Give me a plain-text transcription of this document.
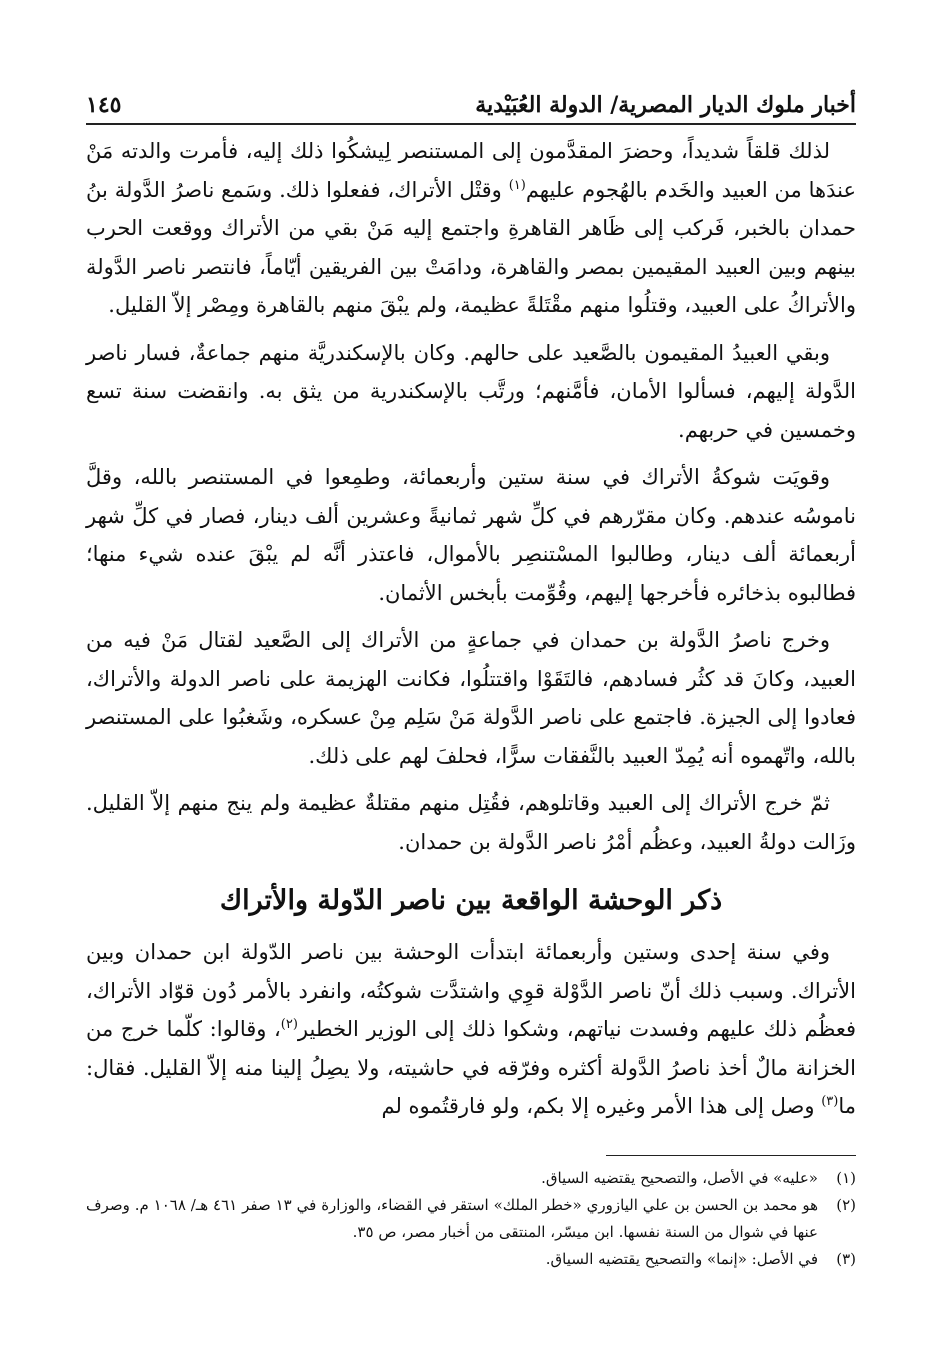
أخبار ملوك الديار المصرية/ الدولة العُبَيْدية
١٤٥

لذلك قلقاً شديداً، وحضرَ المقدَّمون إلى المستنصر لِيشكُوا ذلك إليه، فأمرت والدته مَنْ عندَها من العبيد والخَدم بالهُجوم عليهم$^{(١)}$ وقتْل الأتراك، ففعلوا ذلك. وسَمع ناصرُ الدَّولة بنُ حمدان بالخبر، فَركب إلى ظَاهر القاهرةِ واجتمع إليه مَنْ بقي من الأتراك ووقعت الحرب بينهم وبين العبيد المقيمين بمصر والقاهرة، ودامَتْ بين الفريقين أيّاماً، فانتصر ناصر الدَّولة والأتراكُ على العبيد، وقتلُوا منهم مقْتَلةً عظيمة، ولم يبْقَ منهم بالقاهرة ومِصْر إلاّ القليل.

وبقي العبيدُ المقيمون بالصَّعيد على حالهم. وكان بالإسكندريَّة منهم جماعةٌ، فسار ناصر الدَّولة إليهم، فسألوا الأمان، فأمَّنهم؛ ورتَّب بالإسكندرية من يثق به. وانقضت سنة تسع وخمسين في حربهم.

وقويَت شوكةُ الأتراك في سنة ستين وأربعمائة، وطمِعوا في المستنصر بالله، وقلَّ ناموسُه عندهم. وكان مقرّرهم في كلِّ شهر ثمانيةً وعشرين ألف دينار، فصار في كلِّ شهر أربعمائة ألف دينار، وطالبوا المسْتنصِر بالأموال، فاعتذر أنَّه لم يبْقَ عنده شيء منها؛ فطالبوه بذخائره فأخرجها إليهم، وقُوِّمت بأبخس الأثمان.

وخرج ناصرُ الدَّولة بن حمدان في جماعةٍ من الأتراك إلى الصَّعيد لقتال مَنْ فيه من العبيد، وكانَ قد كثُر فسادهم، فالتَقَوْا واقتتلُوا، فكانت الهزيمة على ناصر الدولة والأتراك، فعادوا إلى الجيزة. فاجتمع على ناصر الدَّولة مَنْ سَلِم مِنْ عسكره، وشَغبُوا على المستنصر بالله، واتّهموه أنه يُمِدّ العبيد بالنَّفقات سرًّا، فحلفَ لهم على ذلك.

ثمّ خرج الأتراك إلى العبيد وقاتلوهم، فقُتِل منهم مقتلةٌ عظيمة ولم ينج منهم إلاّ القليل. وزَالت دولةُ العبيد، وعظُم أمْرُ ناصر الدَّولة بن حمدان.

ذكر الوحشة الواقعة بين ناصر الدّولة والأتراك

وفي سنة إحدى وستين وأربعمائة ابتدأت الوحشة بين ناصر الدّولة ابن حمدان وبين الأتراك. وسبب ذلك أنّ ناصر الدَّوْلة قوِي واشتدَّت شوكتُه، وانفرد بالأمر دُون قوّاد الأتراك، فعظُم ذلك عليهم وفسدت نياتهم، وشكوا ذلك إلى الوزير الخطير$^{(٢)}$، وقالوا: كلّما خرج من الخزانة مالٌ أخذ ناصرُ الدَّولة أكثره وفرّقه في حاشيته، ولا يصِلُ إلينا منه إلاّ القليل. فقال: ما$^{(٣)}$ وصل إلى هذا الأمر وغيره إلا بكم، ولو فارقتُموه لم

(١)
«عليه» في الأصل، والتصحيح يقتضيه السياق.
(٢)
هو محمد بن الحسن بن علي اليازوري «خطر الملك» استقر في القضاء، والوزارة في ١٣ صفر ٤٦١ هـ/ ١٠٦٨ م. وصرف عنها في شوال من السنة نفسها. ابن ميسّر، المنتقى من أخبار مصر، ص ٣٥.
(٣)
في الأصل: «إنما» والتصحيح يقتضيه السياق.
